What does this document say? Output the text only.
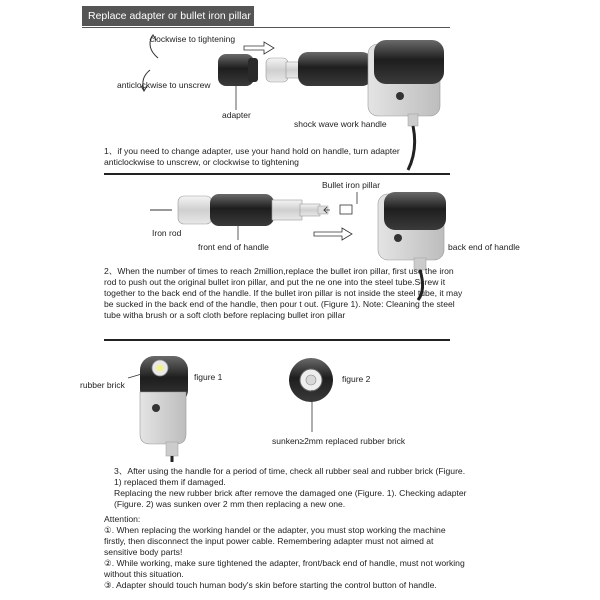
Replace adapter or bullet iron pillar
clockwise to tightening
anticlockwise to unscrew
adapter
shock wave work handle

1、if you need to change adapter, use your hand hold on handle, turn adapter anticlockwise to unscrew, or clockwise to tightening

Bullet iron pillar
Iron rod
front end of handle	back end of handle

2、When the number of times to reach 2million,replace the bullet iron pillar, first use the iron rod to push out the original bullet iron pillar, and put the ne one into the steel tube.Screw it together to the back end of the handle. If the bullet iron pillar is not inside the steel tube, it may be sucked in the back end of the handle, then pour t out. (Figure 1). Note: Cleaning the steel tube witha brush or a soft cloth before replacing bullet iron pillar

rubber brick
figure 1	figure 2
sunken≥2mm replaced rubber brick

3、After using the handle for a period of time, check all rubber seal and rubber brick (Figure. 1) replaced them if damaged.

Replacing the new rubber brick after remove the damaged one (Figure. 1). Checking adapter (Figure. 2) was sunken over 2 mm then replacing a new one.

Attention:

①. When replacing the working handel or the adapter, you must stop working the machine firstly, then disconnect the input power cable. Remembering adapter must not aimed at sensitive body parts!

②. While working, make sure tightened the adapter, front/back end of handle, must not working without this situation.

③. Adapter should touch human body's skin before starting the control button of handle.
